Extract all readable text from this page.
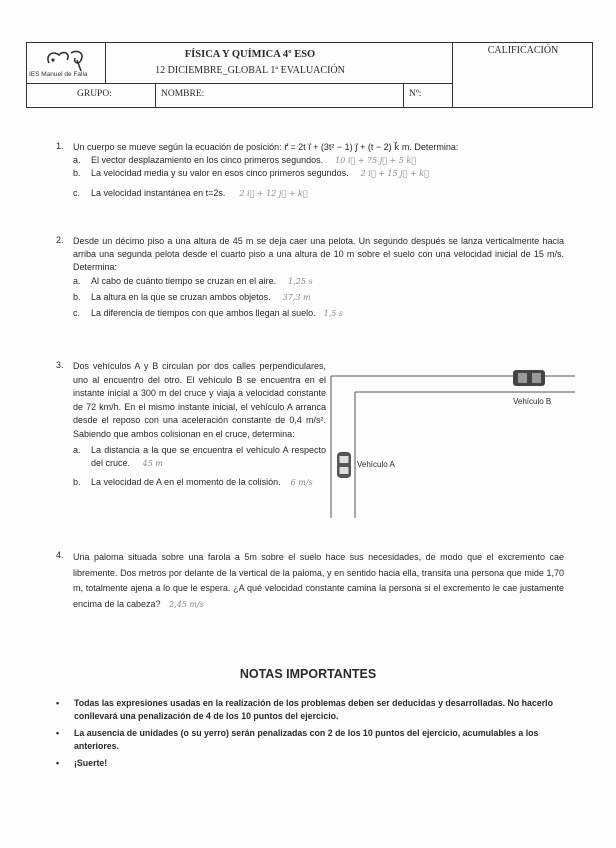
IES Manuel de Falla
FÍSICA Y QUÍMICA 4º ESO
12 DICIEMBRE_GLOBAL 1ª EVALUACIÓN
CALIFICACIÓN
GRUPO:	NOMBRE:	Nº:
1. Un cuerpo se mueve según la ecuación de posición: r⃗ = 2t i⃗ + (3t² − 1) j⃗ + (t − 2) k⃗ m. Determina:

a.	El vector desplazamiento en los cinco primeros segundos. 10 i⃗ + 75 j⃗ + 5 k⃗
b.	La velocidad media y su valor en esos cinco primeros segundos. 2 i⃗ + 15 j⃗ + k⃗
c.	La velocidad instantánea en t=2s. 2 i⃗ + 12 j⃗ + k⃗
2. Desde un décimo piso a una altura de 45 m se deja caer una pelota. Un segundo después se lanza verticalmente hacia arriba una segunda pelota desde el cuarto piso a una altura de 10 m sobre el suelo con una velocidad inicial de 15 m/s. Determina:

a.	Al cabo de cuánto tiempo se cruzan en el aire. 1,25 s
b.	La altura en la que se cruzan ambos objetos. 37,3 m
c.	La diferencia de tiempos con que ambos llegan al suelo. 1,5 s
3. Dos vehículos A y B circulan por dos calles perpendiculares, uno al encuentro del otro. El vehículo B se encuentra en el instante inicial a 300 m del cruce y viaja a velocidad constante de 72 km/h. En el mismo instante inicial, el vehículo A arranca desde el reposo con una aceleración constante de 0,4 m/s². Sabiendo que ambos colisionan en el cruce, determina:

a.	La distancia a la que se encuentra el vehículo A respecto del cruce. 45 m
b.	La velocidad de A en el momento de la colisión. 6 m/s
Vehículo B
Vehículo A
4. Una paloma situada sobre una farola a 5m sobre el suelo hace sus necesidades, de modo que el excremento cae libremente. Dos metros por delante de la vertical de la paloma, y en sentido hacia ella, transita una persona que mide 1,70 m, totalmente ajena a lo que le espera. ¿A qué velocidad constante camina la persona si el excremento le cae justamente encima de la cabeza? 2,45 m/s
NOTAS IMPORTANTES
•	Todas las expresiones usadas en la realización de los problemas deben ser deducidas y desarrolladas. No hacerlo conllevará una penalización de 4 de los 10 puntos del ejercicio.
•	La ausencia de unidades (o su yerro) serán penalizadas con 2 de los 10 puntos del ejercicio, acumulables a los anteriores.
•	¡Suerte!
